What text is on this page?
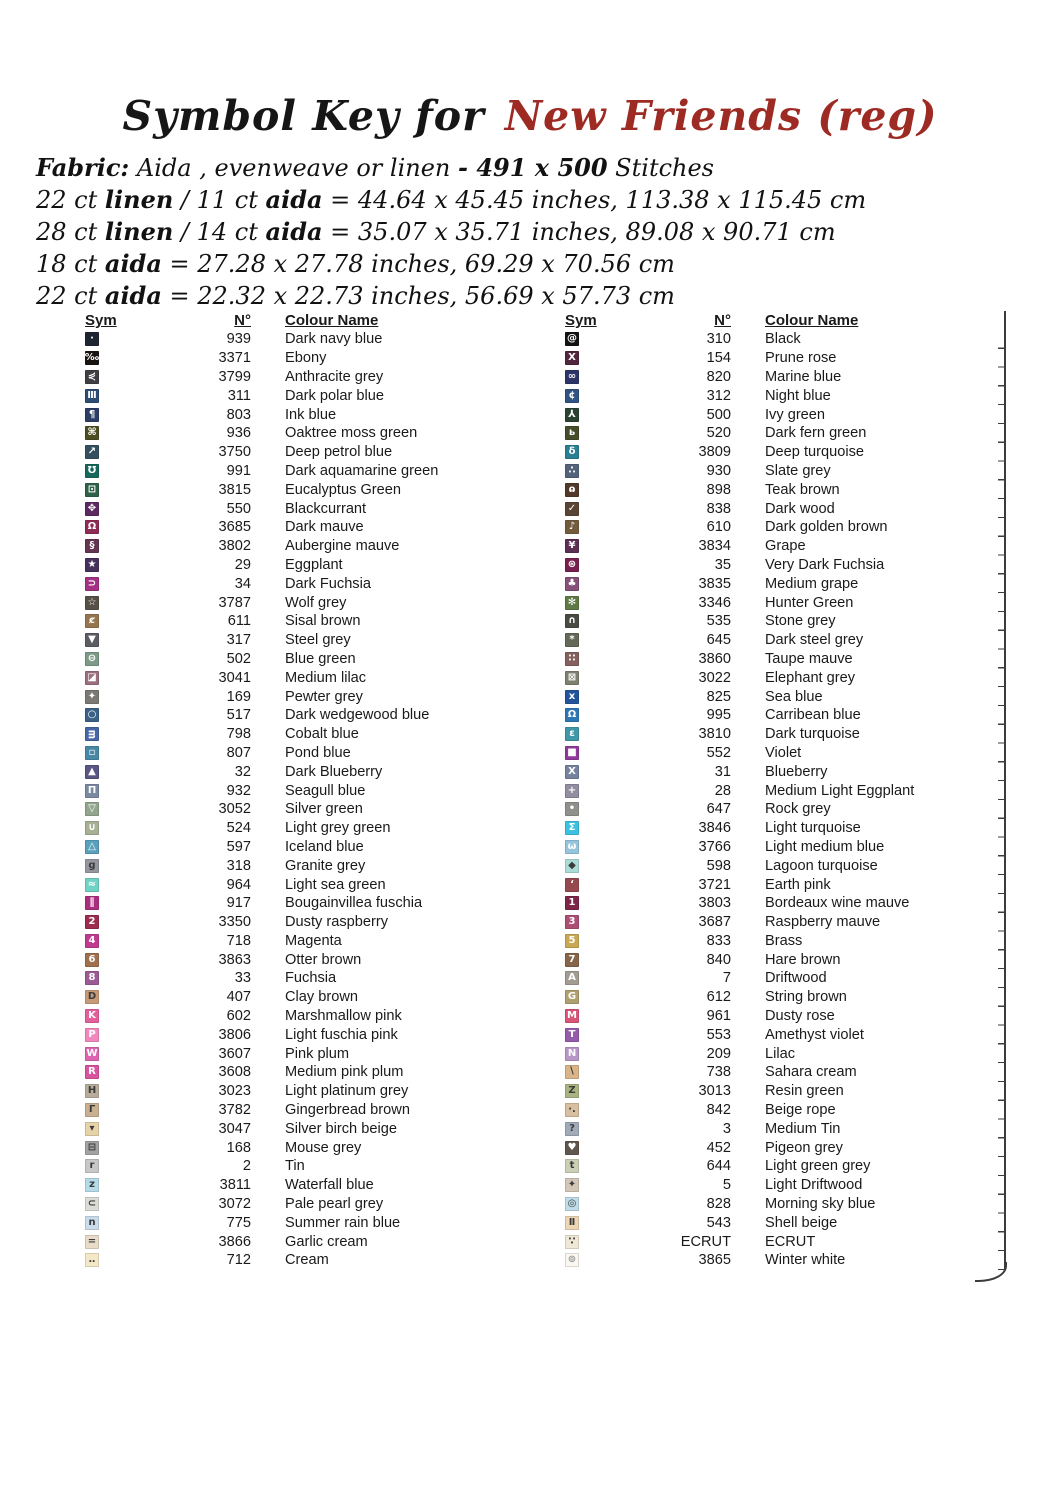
Symbol Key for New Friends (reg)
Fabric: Aida , evenweave or linen - 491 x 500 Stitches
22 ct linen / 11 ct aida = 44.64 x 45.45 inches, 113.38 x 115.45 cm
28 ct linen / 14 ct aida = 35.07 x 35.71 inches, 89.08 x 90.71 cm
18 ct aida = 27.28 x 27.78 inches, 69.29 x 70.56 cm
22 ct aida = 22.32 x 22.73 inches, 56.69 x 57.73 cm
Sym	N°	Colour Name
·	939	Dark navy blue
‰	3371	Ebony
⋞	3799	Anthracite grey
Ⅲ	311	Dark polar blue
¶	803	Ink blue
⌘	936	Oaktree moss green
↗	3750	Deep petrol blue
Ʊ	991	Dark aquamarine green
⊡	3815	Eucalyptus Green
✥	550	Blackcurrant
Ω	3685	Dark mauve
§	3802	Aubergine mauve
★	29	Eggplant
⊃	34	Dark Fuchsia
☆	3787	Wolf grey
ȼ	611	Sisal brown
▼	317	Steel grey
⊖	502	Blue green
◪	3041	Medium lilac
✦	169	Pewter grey
○	517	Dark wedgewood blue
ᴟ	798	Cobalt blue
▫	807	Pond blue
▲	32	Dark Blueberry
Π	932	Seagull blue
▽	3052	Silver green
∪	524	Light grey green
△	597	Iceland blue
g	318	Granite grey
≈	964	Light sea green
∥	917	Bougainvillea fuschia
2	3350	Dusty raspberry
4	718	Magenta
6	3863	Otter brown
8	33	Fuchsia
D	407	Clay brown
K	602	Marshmallow pink
P	3806	Light fuschia pink
W	3607	Pink plum
R	3608	Medium pink plum
H	3023	Light platinum grey
Γ	3782	Gingerbread brown
▾	3047	Silver birch beige
⊟	168	Mouse grey
r	2	Tin
z	3811	Waterfall blue
⊂	3072	Pale pearl grey
n	775	Summer rain blue
=	3866	Garlic cream
‥	712	Cream
Sym	N°	Colour Name
@	310	Black
X	154	Prune rose
∞	820	Marine blue
¢	312	Night blue
⅄	500	Ivy green
ь	520	Dark fern green
δ	3809	Deep turquoise
∴	930	Slate grey
ɷ	898	Teak brown
✓	838	Dark wood
♪	610	Dark golden brown
¥	3834	Grape
⊛	35	Very Dark Fuchsia
♣	3835	Medium grape
✻	3346	Hunter Green
∩	535	Stone grey
*	645	Dark steel grey
∷	3860	Taupe mauve
⊠	3022	Elephant grey
x	825	Sea blue
Ω	995	Carribean blue
ε	3810	Dark turquoise
■	552	Violet
X	31	Blueberry
+	28	Medium Light Eggplant
•	647	Rock grey
Σ	3846	Light turquoise
ω	3766	Light medium blue
◆	598	Lagoon turquoise
‘	3721	Earth pink
1	3803	Bordeaux wine mauve
3	3687	Raspberry mauve
5	833	Brass
7	840	Hare brown
A	7	Driftwood
G	612	String brown
M	961	Dusty rose
T	553	Amethyst violet
N	209	Lilac
∖	738	Sahara cream
Z	3013	Resin green
·.	842	Beige rope
?	3	Medium Tin
♥	452	Pigeon grey
t	644	Light green grey
✦	5	Light Driftwood
◎	828	Morning sky blue
Ⅱ	543	Shell beige
∵	ECRUT	ECRUT
⊚	3865	Winter white
